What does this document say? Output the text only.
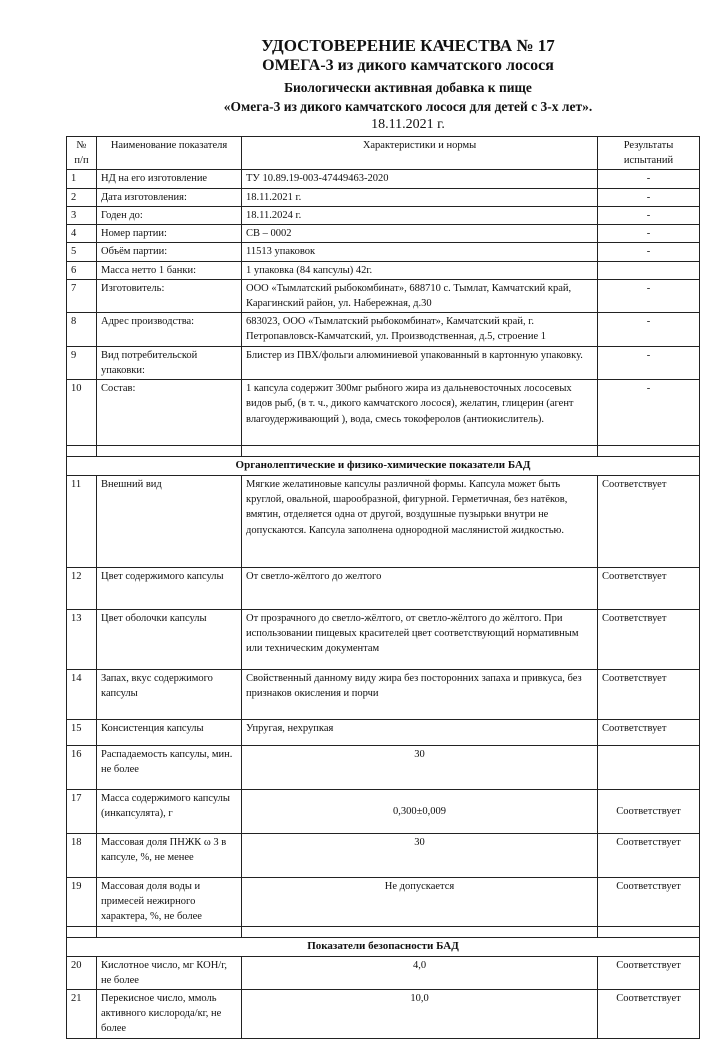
УДОСТОВЕРЕНИЕ КАЧЕСТВА № 17
ОМЕГА-3 из дикого камчатского лосося
Биологически активная добавка к пище
«Омега-3 из дикого камчатского лосося для детей с 3-х лет».
18.11.2021 г.
№ п/п	Наименование показателя	Характеристики и нормы	Результаты испытаний
1	НД на его изготовление	ТУ 10.89.19-003-47449463-2020	-
2	Дата изготовления:	18.11.2021 г.	-
3	Годен до:	18.11.2024 г.	-
4	Номер партии:	СВ – 0002	-
5	Объём партии:	11513 упаковок	-
6	Масса нетто 1 банки:	1 упаковка (84 капсулы) 42г.	
7	Изготовитель:	ООО «Тымлатский рыбокомбинат», 688710 с. Тымлат, Камчатский край, Карагинский район, ул. Набережная, д.30	-
8	Адрес производства:	683023, ООО «Тымлатский рыбокомбинат», Камчатский край, г. Петропавловск-Камчатский, ул. Производственная, д.5, строение 1	-
9	Вид потребительской упаковки:	Блистер из ПВХ/фольги алюминиевой упакованный в картонную упаковку.	-
10	Состав:	1 капсула содержит 300мг рыбного жира из дальневосточных лососевых видов рыб, (в т. ч., дикого камчатского лосося), желатин, глицерин (агент влагоудерживающий ), вода, смесь токоферолов (антиокислитель).	-

Органолептические и физико-химические показатели БАД			
11	Внешний вид	Мягкие желатиновые капсулы различной формы. Капсула может быть круглой, овальной, шарообразной, фигурной. Герметичная, без натёков, вмятин, отделяется одна от другой, воздушные пузырьки внутри не допускаются. Капсула заполнена однородной маслянистой жидкостью.	Соответствует
12	Цвет содержимого капсулы	От светло-жёлтого до желтого	Соответствует
13	Цвет оболочки капсулы	От прозрачного до светло-жёлтого, от светло-жёлтого до жёлтого. При использовании пищевых красителей цвет соответствующий нормативным или техническим документам	Соответствует
14	Запах, вкус содержимого капсулы	Свойственный данному виду жира без посторонних запаха и привкуса, без признаков окисления и порчи	Соответствует
15	Консистенция капсулы	Упругая, нехрупкая	Соответствует
16	Распадаемость капсулы, мин. не более	30	
17	Масса содержимого капсулы (инкапсулята), г	0,300±0,009	Соответствует
18	Массовая доля ПНЖК ω 3 в капсуле, %, не менее	30	Соответствует
19	Массовая доля воды и примесей нежирного характера, %, не более	Не допускается	Соответствует

Показатели безопасности БАД			
20	Кислотное число, мг КОН/г, не более	4,0	Соответствует
21	Перекисное число, ммоль активного кислорода/кг, не более	10,0	Соответствует
